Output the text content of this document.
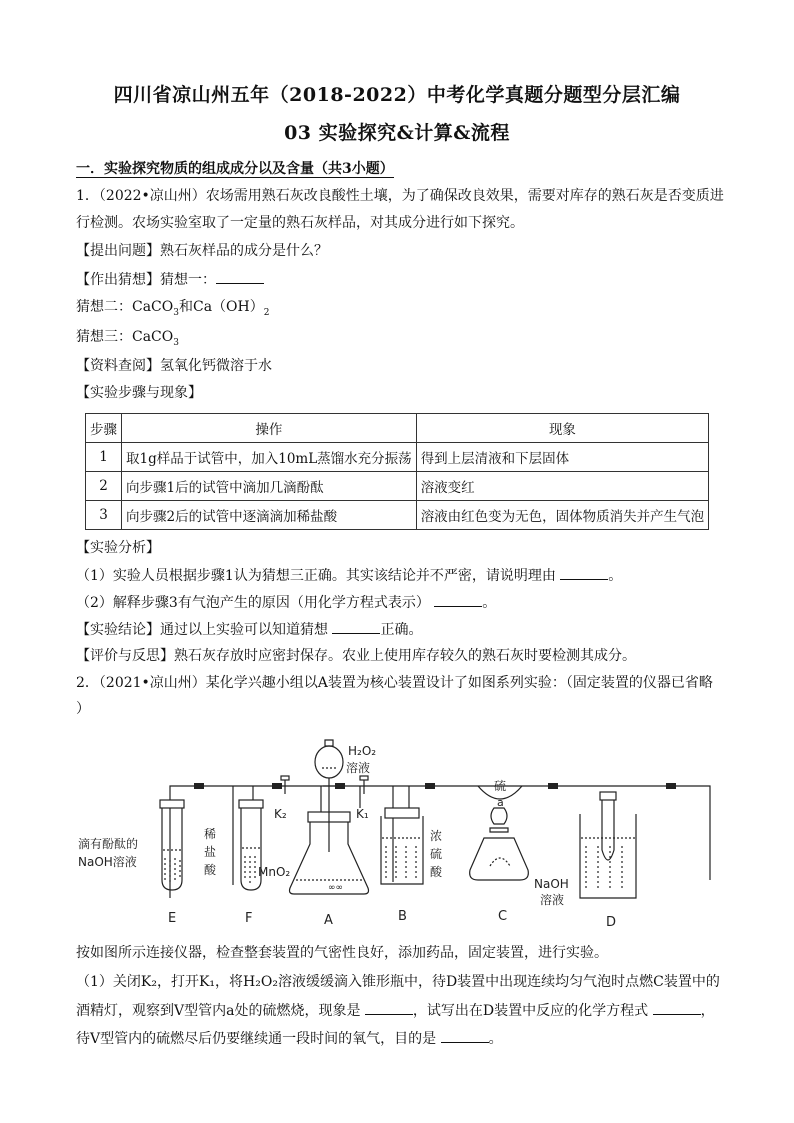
四川省凉山州五年（2018-2022）中考化学真题分题型分层汇编
03 实验探究&计算&流程
一．实验探究物质的组成成分以及含量（共3小题）
1．（2022•凉山州）农场需用熟石灰改良酸性土壤，为了确保改良效果，需要对库存的熟石灰是否变质进
行检测。农场实验室取了一定量的熟石灰样品，对其成分进行如下探究。
【提出问题】熟石灰样品的成分是什么？
【作出猜想】猜想一：
猜想二：CaCO$_3$和$Ca(OH)_2$
猜想三：CaCO$_3$
【资料查阅】氢氧化钙微溶于水
【实验步骤与现象】
步骤	操作	现象
1	取1g样品于试管中，加入10mL蒸馏水充分振荡	得到上层清液和下层固体
2	向步骤1后的试管中滴加几滴酚酞	溶液变红
3	向步骤2后的试管中逐滴滴加稀盐酸	溶液由红色变为无色，固体物质消失并产生气泡
【实验分析】
（1）实验人员根据步骤1认为猜想三正确。其实该结论并不严密，请说明理由	。
（2）解释步骤3有气泡产生的原因（用化学方程式表示）	。
【实验结论】通过以上实验可以知道猜想	正确。
【评价与反思】熟石灰存放时应密封保存。农业上使用库存较久的熟石灰时要检测其成分。
2．（2021•凉山州）某化学兴趣小组以A装置为核心装置设计了如图系列实验：（固定装置的仪器已省略
）
∞∞
H₂O₂
溶液
滴有酚酞的
NaOH溶液
稀
盐
酸	MnO₂
K₂	K₁
浓
硫
酸
硫
a
NaOH
溶液
E	F	A	B	C	D
按如图所示连接仪器，检查整套装置的气密性良好，添加药品，固定装置，进行实验。
（1）关闭K₂，打开K₁，将H₂O₂溶液缓缓滴入锥形瓶中，待D装置中出现连续均匀气泡时点燃C装置中的
酒精灯，观察到V型管内a处的硫燃烧，现象是	，试写出在D装置中反应的化学方程式	，
待V型管内的硫燃尽后仍要继续通一段时间的氧气，目的是	。
